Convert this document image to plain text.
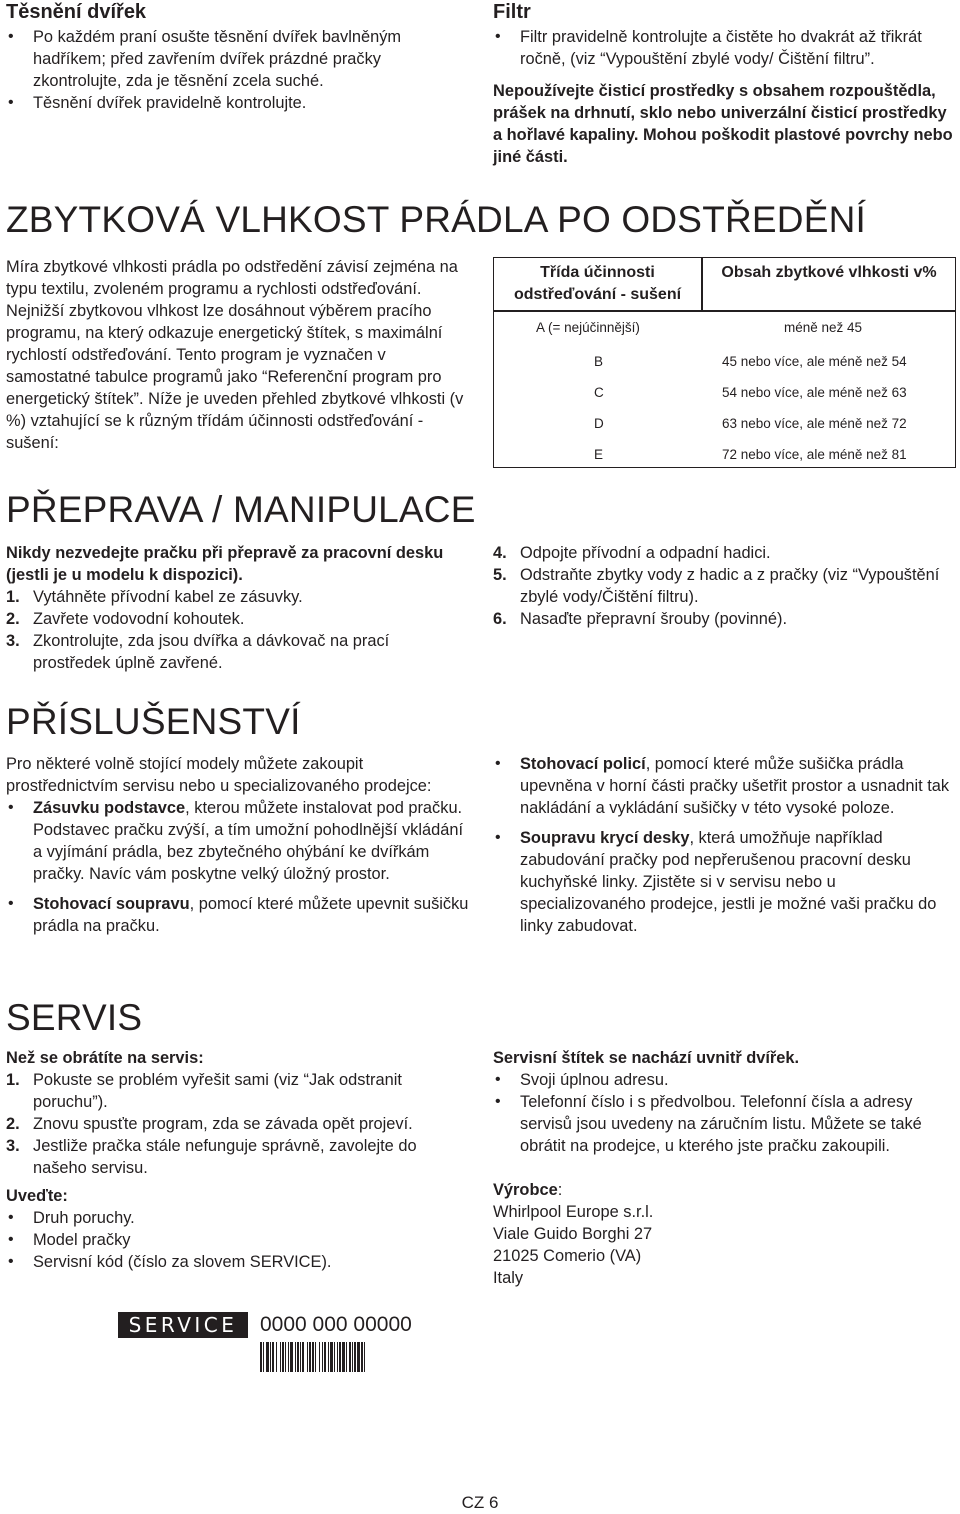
Těsnění dvířek
• Po každém praní osušte těsnění dvířek bavlněným hadříkem; před zavřením dvířek prázdné pračky zkontrolujte, zda je těsnění zcela suché.
• Těsnění dvířek pravidelně kontrolujte.
Filtr
• Filtr pravidelně kontrolujte a čistěte ho dvakrát až třikrát ročně, (viz “Vypouštění zbylé vody/ Čištění filtru”.

Nepoužívejte čisticí prostředky s obsahem rozpouštědla, prášek na drhnutí, sklo nebo univerzální čisticí prostředky a hořlavé kapaliny. Mohou poškodit plastové povrchy nebo jiné části.

ZBYTKOVÁ VLHKOST PRÁDLA PO ODSTŘEDĚNÍ

Míra zbytkové vlhkosti prádla po odstředění závisí zejména na typu textilu, zvoleném programu a rychlosti odstřeďování.

Nejnižší zbytkovou vlhkost lze dosáhnout výběrem pracího programu, na který odkazuje energetický štítek, s maximální rychlostí odstřeďování. Tento program je vyznačen v samostatné tabulce programů jako “Referenční program pro energetický štítek”. Níže je uveden přehled zbytkové vlhkosti (v %) vztahující se k různým třídám účinnosti odstřeďování - sušení:

Třída účinnosti odstřeďování - sušení
Obsah zbytkové vlhkosti v%
A (= nejúčinnější)	méně než 45
B	45 nebo více, ale méně než 54
C	54 nebo více, ale méně než 63
D	63 nebo více, ale méně než 72
E	72 nebo více, ale méně než 81
PŘEPRAVA / MANIPULACE

Nikdy nezvedejte pračku při přepravě za pracovní desku (jestli je u modelu k dispozici).

1. Vytáhněte přívodní kabel ze zásuvky.
2. Zavřete vodovodní kohoutek.
3. Zkontrolujte, zda jsou dvířka a dávkovač na prací prostředek úplně zavřené.
4. Odpojte přívodní a odpadní hadici.
5. Odstraňte zbytky vody z hadic a z pračky (viz “Vypouštění zbylé vody/Čištění filtru).
6. Nasaďte přepravní šrouby (povinné).
PŘÍSLUŠENSTVÍ

Pro některé volně stojící modely můžete zakoupit prostřednictvím servisu nebo u specializovaného prodejce:

• Zásuvku podstavce, kterou můžete instalovat pod pračku. Podstavec pračku zvýší, a tím umožní pohodlnější vkládání a vyjímání prádla, bez zbytečného ohýbání ke dvířkám pračky. Navíc vám poskytne velký úložný prostor.
• Stohovací soupravu, pomocí které můžete upevnit sušičku prádla na pračku.
• Stohovací policí, pomocí které může sušička prádla upevněna v horní části pračky ušetřit prostor a usnadnit tak nakládání a vykládání sušičky v této vysoké poloze.
• Soupravu krycí desky, která umožňuje například zabudování pračky pod nepřerušenou pracovní desku kuchyňské linky. Zjistěte si v servisu nebo u specializovaného prodejce, jestli je možné vaši pračku do linky zabudovat.
SERVIS

Než se obrátíte na servis:

1. Pokuste se problém vyřešit sami (viz “Jak odstranit poruchu”).
2. Znovu spusťte program, zda se závada opět projeví.
3. Jestliže pračka stále nefunguje správně, zavolejte do našeho servisu.

Uveďte:

• Druh poruchy.
• Model pračky
• Servisní kód (číslo za slovem SERVICE).

Servisní štítek se nachází uvnitř dvířek.

• Svoji úplnou adresu.
• Telefonní číslo i s předvolbou. Telefonní čísla a adresy servisů jsou uvedeny na záručním listu. Můžete se také obrátit na prodejce, u kterého jste pračku zakoupili.

Výrobce:

Whirlpool Europe s.r.l.

Viale Guido Borghi 27

21025 Comerio (VA)

Italy

SERVICE	0000 000 00000
CZ 6
